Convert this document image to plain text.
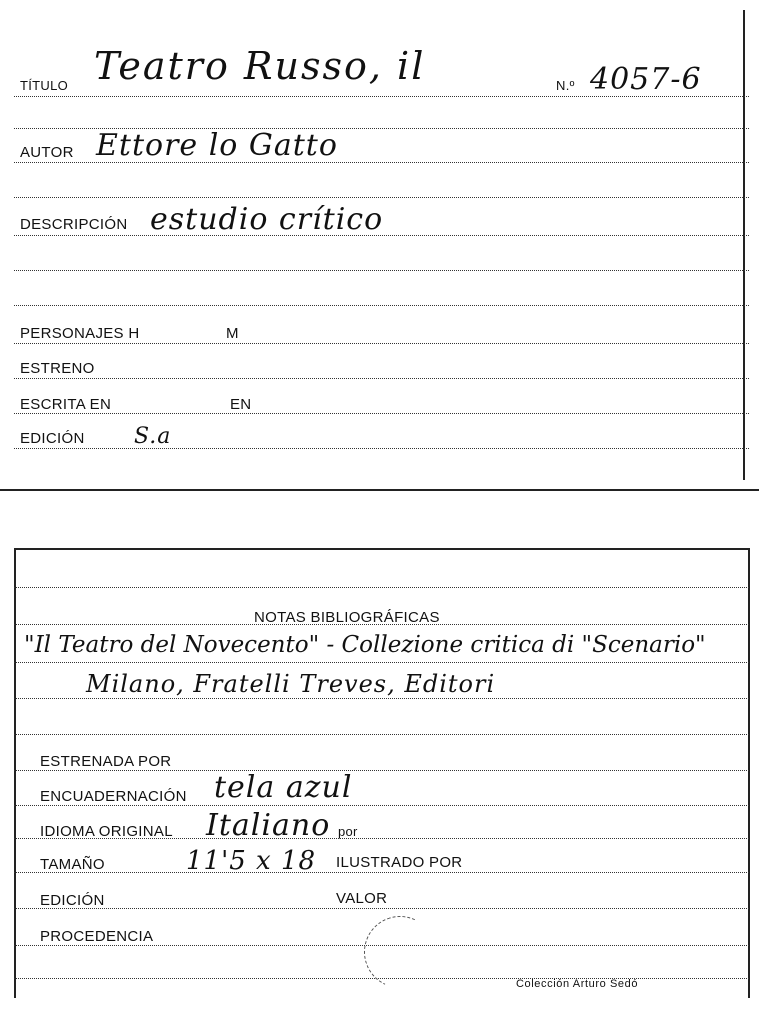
TÍTULO Teatro Russo, il	N.º 4057-6
AUTOR Ettore lo Gatto
DESCRIPCIÓN estudio crítico
PERSONAJES H	M
ESTRENO
ESCRITA EN	EN
EDICIÓN S.a
NOTAS BIBLIOGRÁFICAS
"Il Teatro del Novecento" - Collezione critica di "Scenario"
Milano, Fratelli Treves, Editori
ESTRENADA POR
ENCUADERNACIÓN tela azul
IDIOMA ORIGINAL Italiano por
TAMAÑO	11'5 x 18 ILUSTRADO POR
EDICIÓN	VALOR
PROCEDENCIA
Colección Arturo Sedó
